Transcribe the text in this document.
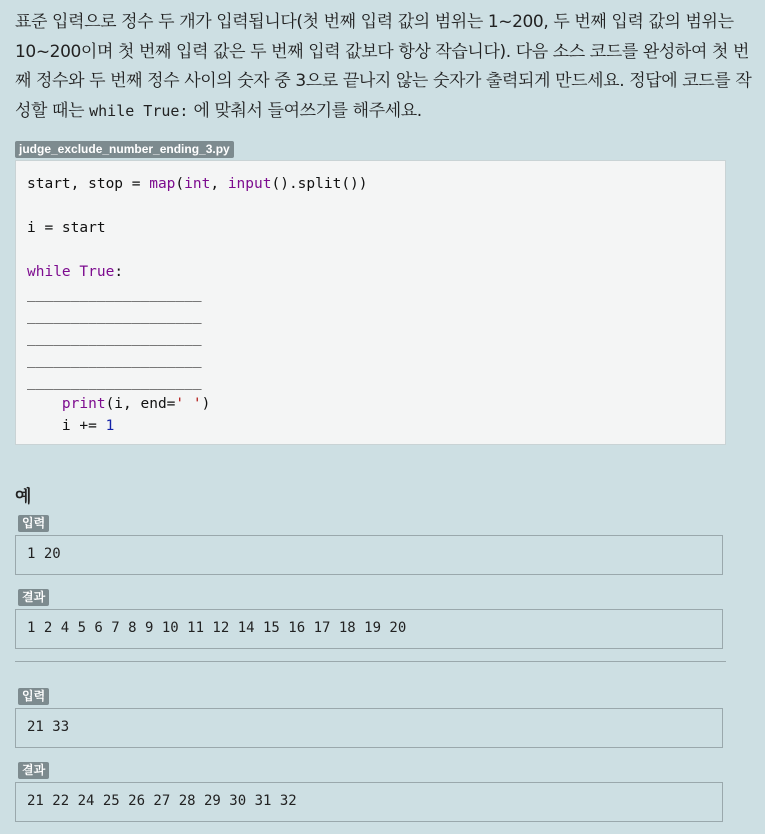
표준 입력으로 정수 두 개가 입력됩니다(첫 번째 입력 값의 범위는 1~200, 두 번째 입력 값의 범위는 10~200이며 첫 번째 입력 값은 두 번째 입력 값보다 항상 작습니다). 다음 소스 코드를 완성하여 첫 번째 정수와 두 번째 정수 사이의 숫자 중 3으로 끝나지 않는 숫자가 출력되게 만드세요. 정답에 코드를 작성할 때는 while True: 에 맞춰서 들여쓰기를 해주세요.

judge_exclude_number_ending_3.py
start, stop = map(int, input().split())

i = start

while True:
____________________
____________________
____________________
____________________
____________________
print(i, end=' ')
i += 1
예
입력
1 20
결과
1 2 4 5 6 7 8 9 10 11 12 14 15 16 17 18 19 20
입력
21 33
결과
21 22 24 25 26 27 28 29 30 31 32
